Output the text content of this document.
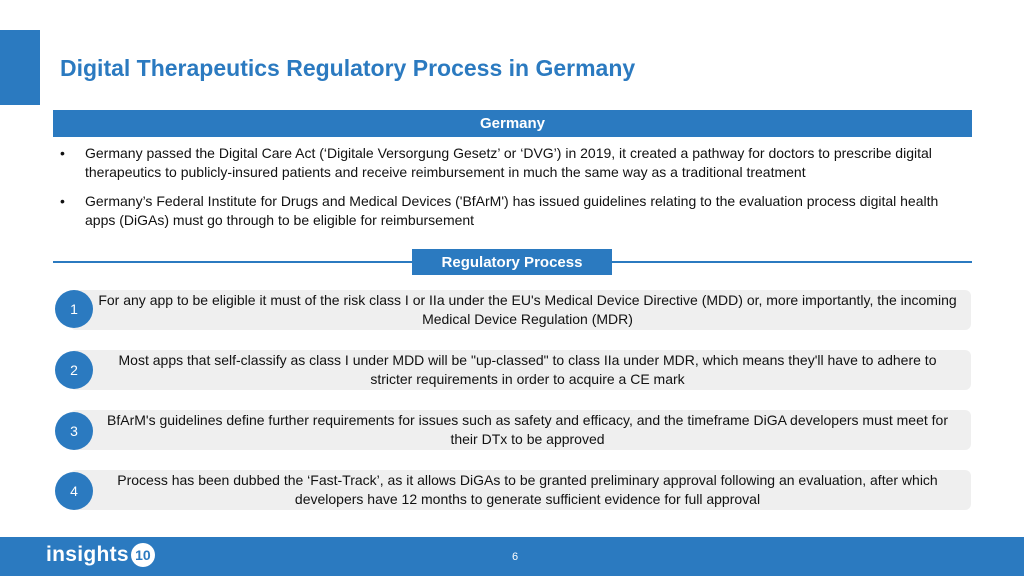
Digital Therapeutics Regulatory Process in Germany
Germany
•	Germany passed the Digital Care Act (‘Digitale Versorgung Gesetz’ or ‘DVG’) in 2019, it created a pathway for doctors to prescribe digital therapeutics to publicly-insured patients and receive reimbursement in much the same way as a traditional treatment
•	Germany’s Federal Institute for Drugs and Medical Devices ('BfArM') has issued guidelines relating to the evaluation process digital health apps (DiGAs) must go through to be eligible for reimbursement
Regulatory Process
For any app to be eligible it must of the risk class I or IIa under the EU's Medical Device Directive (MDD) or, more importantly, the incoming Medical Device Regulation (MDR)
1
Most apps that self-classify as class I under MDD will be "up-classed" to class IIa under MDR, which means they'll have to adhere to stricter requirements in order to acquire a CE mark
2
BfArM's guidelines define further requirements for issues such as safety and efficacy, and the timeframe DiGA developers must meet for their DTx to be approved
3
Process has been dubbed the ‘Fast-Track’, as it allows DiGAs to be granted preliminary approval following an evaluation, after which developers have 12 months to generate sufficient evidence for full approval
4
insights 10	6
